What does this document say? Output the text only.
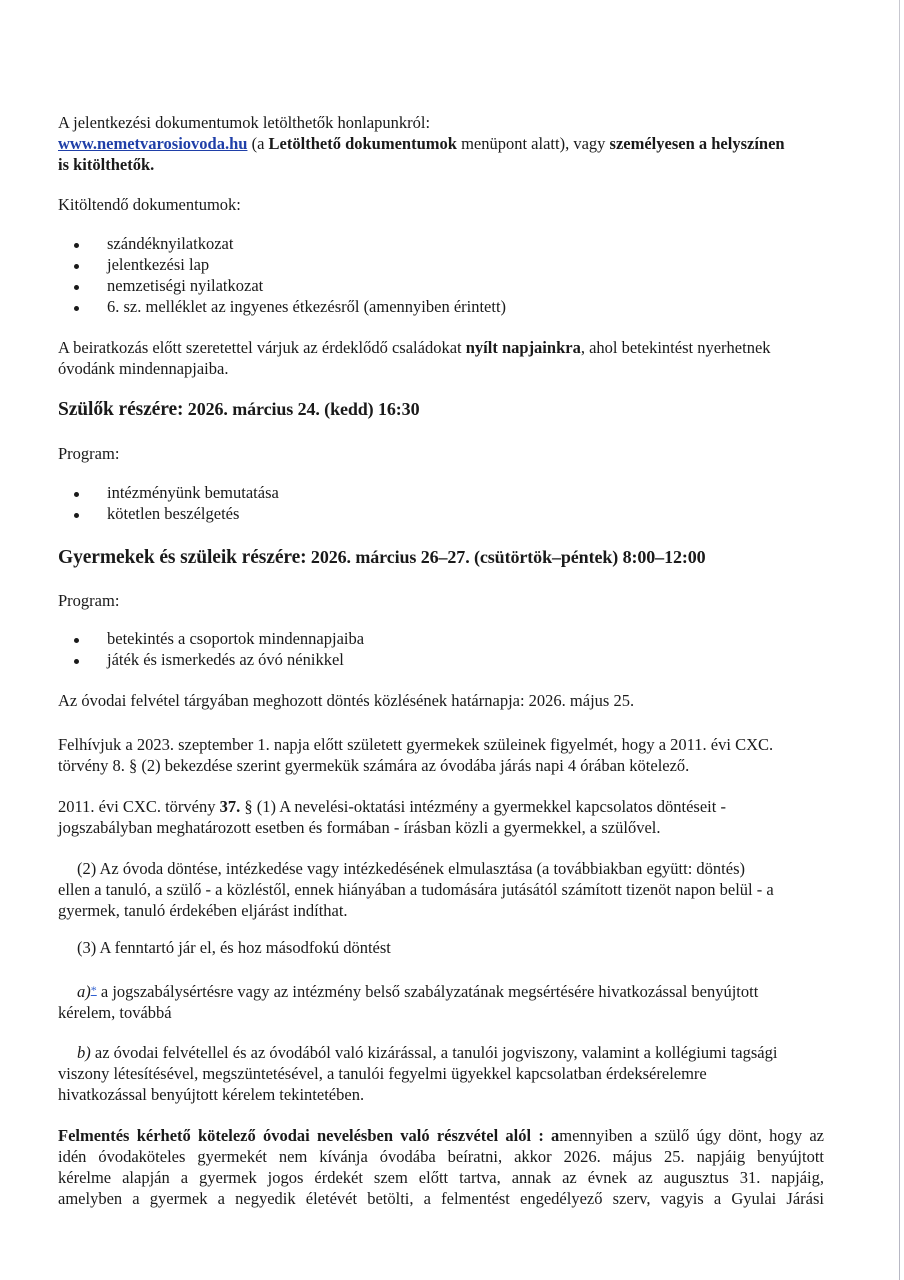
A jelentkezési dokumentumok letölthetők honlapunkról:
www.nemetvarosiovoda.hu (a Letölthető dokumentumok menüpont alatt), vagy személyesen a helyszínen is kitölthetők.
Kitöltendő dokumentumok:
szándéknyilatkozat
jelentkezési lap
nemzetiségi nyilatkozat
6. sz. melléklet az ingyenes étkezésről (amennyiben érintett)
A beiratkozás előtt szeretettel várjuk az érdeklődő családokat nyílt napjainkra, ahol betekintést nyerhetnek óvodánk mindennapjaiba.
Szülők részére: 2026. március 24. (kedd) 16:30
Program:
intézményünk bemutatása
kötetlen beszélgetés
Gyermekek és szüleik részére: 2026. március 26–27. (csütörtök–péntek) 8:00–12:00
Program:
betekintés a csoportok mindennapjaiba
játék és ismerkedés az óvó nénikkel
Az óvodai felvétel tárgyában meghozott döntés közlésének határnapja: 2026. május 25.
Felhívjuk a 2023. szeptember 1. napja előtt született gyermekek szüleinek figyelmét, hogy a 2011. évi CXC.
törvény 8. § (2) bekezdése szerint gyermekük számára az óvodába járás napi 4 órában kötelező.
2011. évi CXC. törvény 37. § (1) A nevelési-oktatási intézmény a gyermekkel kapcsolatos döntéseit -
jogszabályban meghatározott esetben és formában - írásban közli a gyermekkel, a szülővel.
(2) Az óvoda döntése, intézkedése vagy intézkedésének elmulasztása (a továbbiakban együtt: döntés)
ellen a tanuló, a szülő - a közléstől, ennek hiányában a tudomására jutásától számított tizenöt napon belül - a
gyermek, tanuló érdekében eljárást indíthat.
(3) A fenntartó jár el, és hoz másodfokú döntést
a)* a jogszabálysértésre vagy az intézmény belső szabályzatának megsértésére hivatkozással benyújtott
kérelem, továbbá
b) az óvodai felvétellel és az óvodából való kizárással, a tanulói jogviszony, valamint a kollégiumi tagsági
viszony létesítésével, megszüntetésével, a tanulói fegyelmi ügyekkel kapcsolatban érdeksérelemre
hivatkozással benyújtott kérelem tekintetében.
Felmentés kérhető kötelező óvodai nevelésben való részvétel alól : amennyiben a szülő úgy dönt, hogy az
idén óvodaköteles gyermekét nem kívánja óvodába beíratni, akkor 2026. május 25. napjáig benyújtott
kérelme alapján a gyermek jogos érdekét szem előtt tartva, annak az évnek az augusztus 31. napjáig,
amelyben a gyermek a negyedik életévét betölti, a felmentést engedélyező szerv, vagyis a Gyulai Járási
